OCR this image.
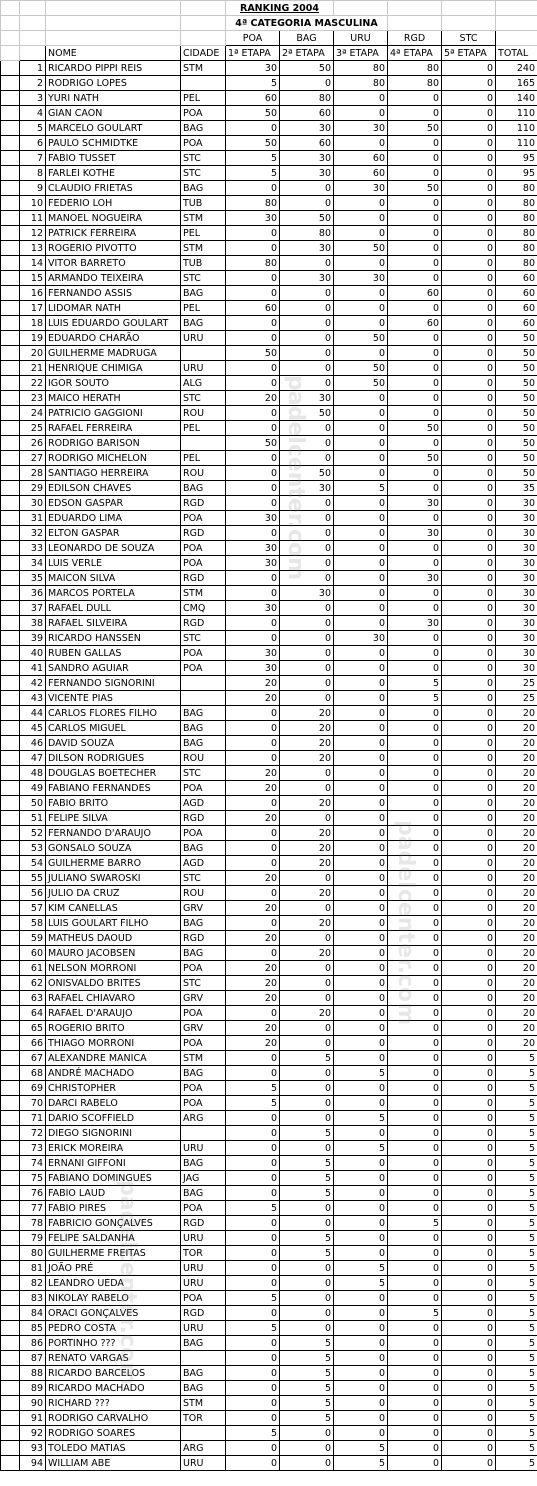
				RANKING 2004					
				4ª CATEGORIA MASCULINA					
				POA	BAG	URU	RGD	STC	
		NOME	CIDADE	1ª ETAPA	2ª ETAPA	3ª ETAPA	4ª ETAPA	5ª ETAPA	TOTAL
	1	RICARDO PIPPI REIS	STM	30	50	80	80	0	240
	2	RODRIGO LOPES		5	0	80	80	0	165
	3	YURI NATH	PEL	60	80	0	0	0	140
	4	GIAN CAON	POA	50	60	0	0	0	110
	5	MARCELO GOULART	BAG	0	30	30	50	0	110
	6	PAULO SCHMIDTKE	POA	50	60	0	0	0	110
	7	FABIO TUSSET	STC	5	30	60	0	0	95
	8	FARLEI KOTHE	STC	5	30	60	0	0	95
	9	CLAUDIO FRIETAS	BAG	0	0	30	50	0	80
	10	FEDERIO LOH	TUB	80	0	0	0	0	80
	11	MANOEL NOGUEIRA	STM	30	50	0	0	0	80
	12	PATRICK FERREIRA	PEL	0	80	0	0	0	80
	13	ROGERIO PIVOTTO	STM	0	30	50	0	0	80
	14	VITOR BARRETO	TUB	80	0	0	0	0	80
	15	ARMANDO TEIXEIRA	STC	0	30	30	0	0	60
	16	FERNANDO ASSIS	BAG	0	0	0	60	0	60
	17	LIDOMAR NATH	PEL	60	0	0	0	0	60
	18	LUIS EDUARDO GOULART	BAG	0	0	0	60	0	60
	19	EDUARDO CHARÃO	URU	0	0	50	0	0	50
	20	GUILHERME MADRUGA		50	0	0	0	0	50
	21	HENRIQUE CHIMIGA	URU	0	0	50	0	0	50
	22	IGOR SOUTO	ALG	0	0	50	0	0	50
	23	MAICO HERATH	STC	20	30	0	0	0	50
	24	PATRICIO GAGGIONI	ROU	0	50	0	0	0	50
	25	RAFAEL FERREIRA	PEL	0	0	0	50	0	50
	26	RODRIGO BARISON		50	0	0	0	0	50
	27	RODRIGO MICHELON	PEL	0	0	0	50	0	50
	28	SANTIAGO HERREIRA	ROU	0	50	0	0	0	50
	29	EDILSON CHAVES	BAG	0	30	5	0	0	35
	30	EDSON GASPAR	RGD	0	0	0	30	0	30
	31	EDUARDO LIMA	POA	30	0	0	0	0	30
	32	ELTON GASPAR	RGD	0	0	0	30	0	30
	33	LEONARDO DE SOUZA	POA	30	0	0	0	0	30
	34	LUIS VERLE	POA	30	0	0	0	0	30
	35	MAICON SILVA	RGD	0	0	0	30	0	30
	36	MARCOS PORTELA	STM	0	30	0	0	0	30
	37	RAFAEL DULL	CMQ	30	0	0	0	0	30
	38	RAFAEL SILVEIRA	RGD	0	0	0	30	0	30
	39	RICARDO HANSSEN	STC	0	0	30	0	0	30
	40	RUBEN GALLAS	POA	30	0	0	0	0	30
	41	SANDRO AGUIAR	POA	30	0	0	0	0	30
	42	FERNANDO SIGNORINI		20	0	0	5	0	25
	43	VICENTE PIAS		20	0	0	5	0	25
	44	CARLOS FLORES FILHO	BAG	0	20	0	0	0	20
	45	CARLOS MIGUEL	BAG	0	20	0	0	0	20
	46	DAVID SOUZA	BAG	0	20	0	0	0	20
	47	DILSON RODRIGUES	ROU	0	20	0	0	0	20
	48	DOUGLAS BOETECHER	STC	20	0	0	0	0	20
	49	FABIANO FERNANDES	POA	20	0	0	0	0	20
	50	FABIO BRITO	AGD	0	20	0	0	0	20
	51	FELIPE SILVA	RGD	20	0	0	0	0	20
	52	FERNANDO D'ARAUJO	POA	0	20	0	0	0	20
	53	GONSALO SOUZA	BAG	0	20	0	0	0	20
	54	GUILHERME BARRO	AGD	0	20	0	0	0	20
	55	JULIANO SWAROSKI	STC	20	0	0	0	0	20
	56	JULIO DA CRUZ	ROU	0	20	0	0	0	20
	57	KIM CANELLAS	GRV	20	0	0	0	0	20
	58	LUIS GOULART FILHO	BAG	0	20	0	0	0	20
	59	MATHEUS DAOUD	RGD	20	0	0	0	0	20
	60	MAURO JACOBSEN	BAG	0	20	0	0	0	20
	61	NELSON MORRONI	POA	20	0	0	0	0	20
	62	ONISVALDO BRITES	STC	20	0	0	0	0	20
	63	RAFAEL CHIAVARO	GRV	20	0	0	0	0	20
	64	RAFAEL D'ARAUJO	POA	0	20	0	0	0	20
	65	ROGERIO BRITO	GRV	20	0	0	0	0	20
	66	THIAGO MORRONI	POA	20	0	0	0	0	20
	67	ALEXANDRE MANICA	STM	0	5	0	0	0	5
	68	ANDRÉ MACHADO	BAG	0	0	5	0	0	5
	69	CHRISTOPHER	POA	5	0	0	0	0	5
	70	DARCI RABELO	POA	5	0	0	0	0	5
	71	DARIO SCOFFIELD	ARG	0	0	5	0	0	5
	72	DIEGO SIGNORINI		0	5	0	0	0	5
	73	ERICK MOREIRA	URU	0	0	5	0	0	5
	74	ERNANI GIFFONI	BAG	0	5	0	0	0	5
	75	FABIANO DOMINGUES	JAG	0	5	0	0	0	5
	76	FABIO LAUD	BAG	0	5	0	0	0	5
	77	FABIO PIRES	POA	5	0	0	0	0	5
	78	FABRICIO GONÇALVES	RGD	0	0	0	5	0	5
	79	FELIPE SALDANHA	URU	0	5	0	0	0	5
	80	GUILHERME FREITAS	TOR	0	5	0	0	0	5
	81	JOÃO PRÉ	URU	0	0	5	0	0	5
	82	LEANDRO UEDA	URU	0	0	5	0	0	5
	83	NIKOLAY RABELO	POA	5	0	0	0	0	5
	84	ORACI GONÇALVES	RGD	0	0	0	5	0	5
	85	PEDRO COSTA	URU	5	0	0	0	0	5
	86	PORTINHO ???	BAG	0	5	0	0	0	5
	87	RENATO VARGAS		0	5	0	0	0	5
	88	RICARDO BARCELOS	BAG	0	5	0	0	0	5
	89	RICARDO MACHADO	BAG	0	5	0	0	0	5
	90	RICHARD ???	STM	0	5	0	0	0	5
	91	RODRIGO CARVALHO	TOR	0	5	0	0	0	5
	92	RODRIGO SOARES		5	0	0	0	0	5
	93	TOLEDO MATIAS	ARG	0	0	5	0	0	5
	94	WILLIAM ABE	URU	0	0	5	0	0	5
padelcenter.com
padelcenter.com
padelcenter.com
